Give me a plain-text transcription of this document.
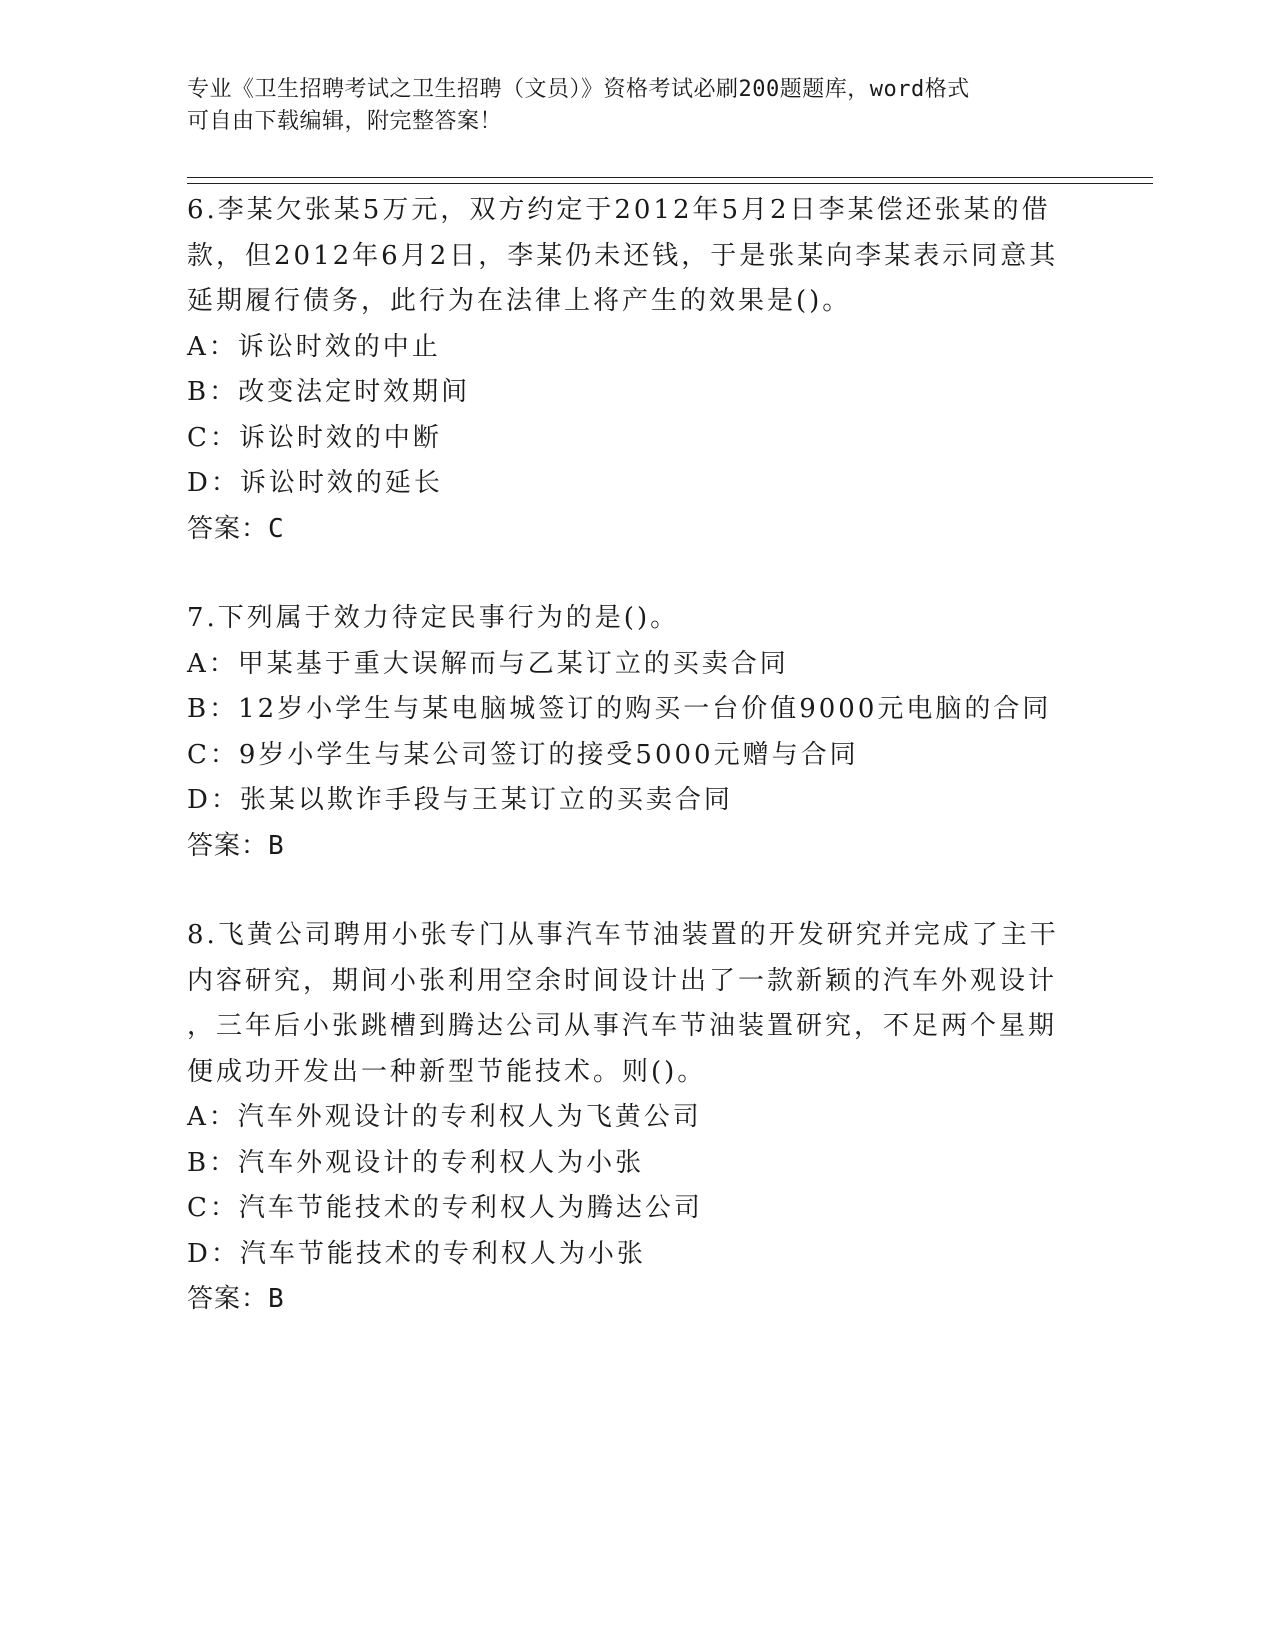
专业《卫生招聘考试之卫生招聘（文员）》资格考试必刷200题题库，word格式
可自由下载编辑，附完整答案！

6.李某欠张某5万元，双方约定于2012年5月2日李某偿还张某的借

款，但2012年6月2日，李某仍未还钱，于是张某向李某表示同意其

延期履行债务，此行为在法律上将产生的效果是()。

A：诉讼时效的中止

B：改变法定时效期间

C：诉讼时效的中断

D：诉讼时效的延长

答案：C

7.下列属于效力待定民事行为的是()。

A：甲某基于重大误解而与乙某订立的买卖合同

B：12岁小学生与某电脑城签订的购买一台价值9000元电脑的合同

C：9岁小学生与某公司签订的接受5000元赠与合同

D：张某以欺诈手段与王某订立的买卖合同

答案：B

8.飞黄公司聘用小张专门从事汽车节油装置的开发研究并完成了主干

内容研究，期间小张利用空余时间设计出了一款新颖的汽车外观设计

，三年后小张跳槽到腾达公司从事汽车节油装置研究，不足两个星期

便成功开发出一种新型节能技术。则()。

A：汽车外观设计的专利权人为飞黄公司

B：汽车外观设计的专利权人为小张

C：汽车节能技术的专利权人为腾达公司

D：汽车节能技术的专利权人为小张

答案：B
